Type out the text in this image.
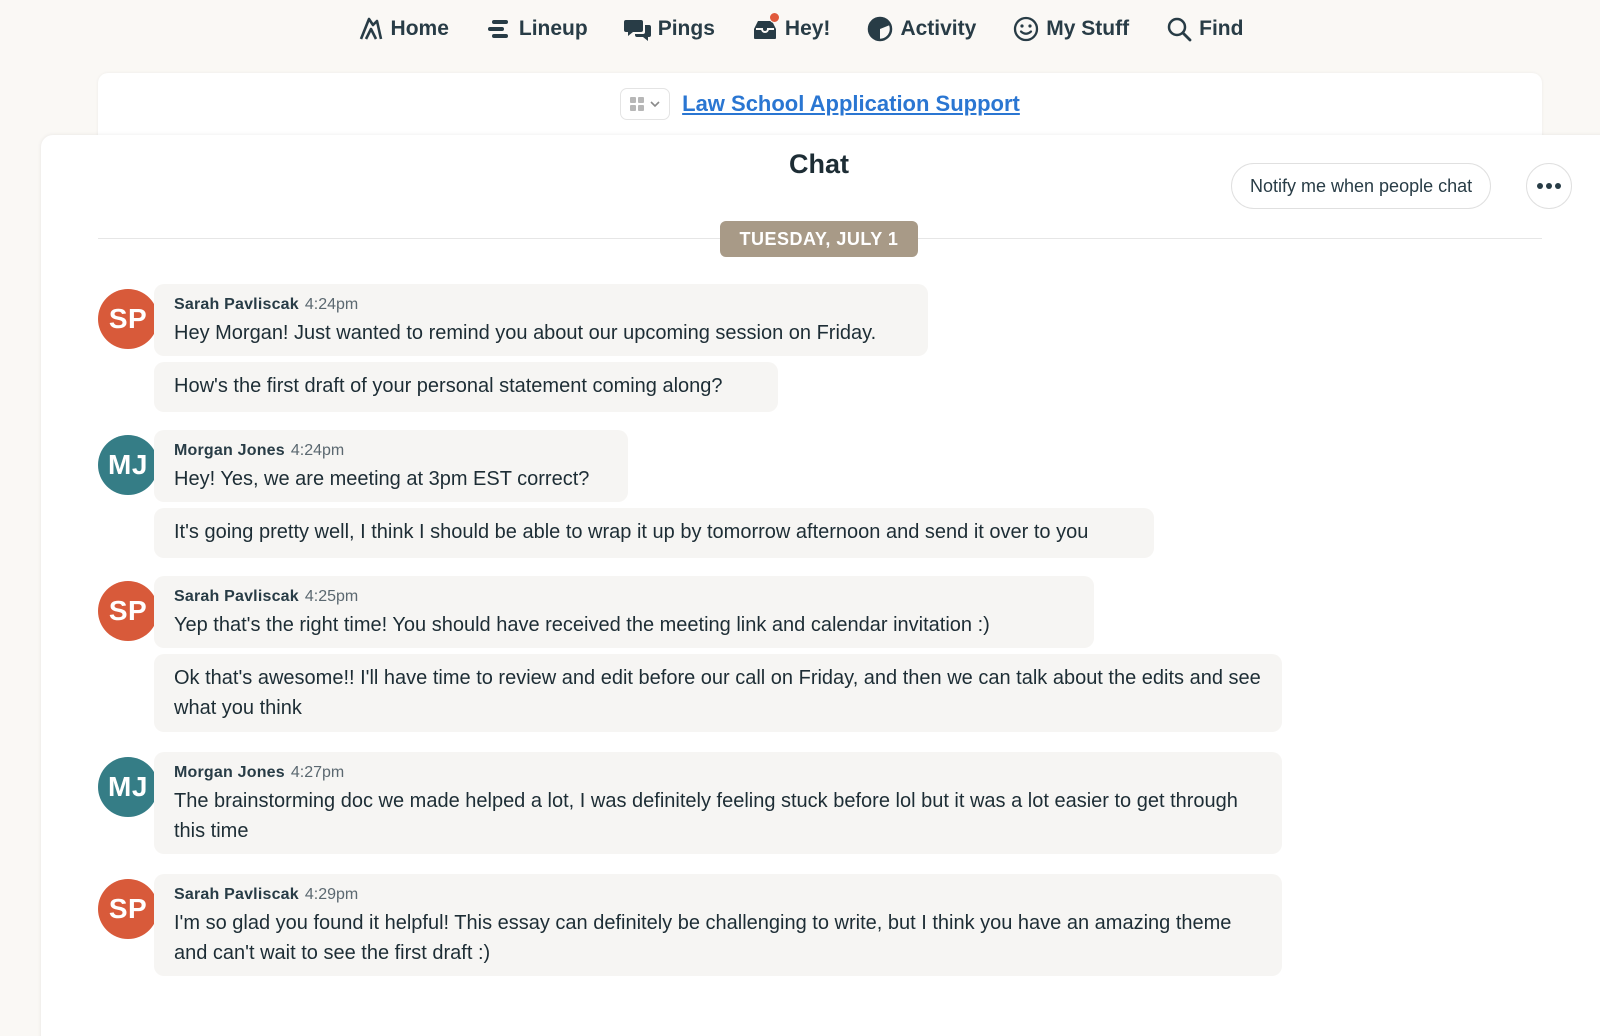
Home	Lineup	Pings	Hey!	Activity	My Stuff	Find
Law School Application Support
Chat
Notify me when people chat
TUESDAY, JULY 1
SP	Sarah Pavliscak 4:24pm
Hey Morgan! Just wanted to remind you about our upcoming session on Friday.
How's the first draft of your personal statement coming along?
MJ	Morgan Jones 4:24pm
Hey! Yes, we are meeting at 3pm EST correct?
It's going pretty well, I think I should be able to wrap it up by tomorrow afternoon and send it over to you
SP	Sarah Pavliscak 4:25pm
Yep that's the right time! You should have received the meeting link and calendar invitation :)
Ok that's awesome!! I'll have time to review and edit before our call on Friday, and then we can talk about the edits and see what you think
MJ	Morgan Jones 4:27pm
The brainstorming doc we made helped a lot, I was definitely feeling stuck before lol but it was a lot easier to get through this time
SP	Sarah Pavliscak 4:29pm
I'm so glad you found it helpful! This essay can definitely be challenging to write, but I think you have an amazing theme and can't wait to see the first draft :)
